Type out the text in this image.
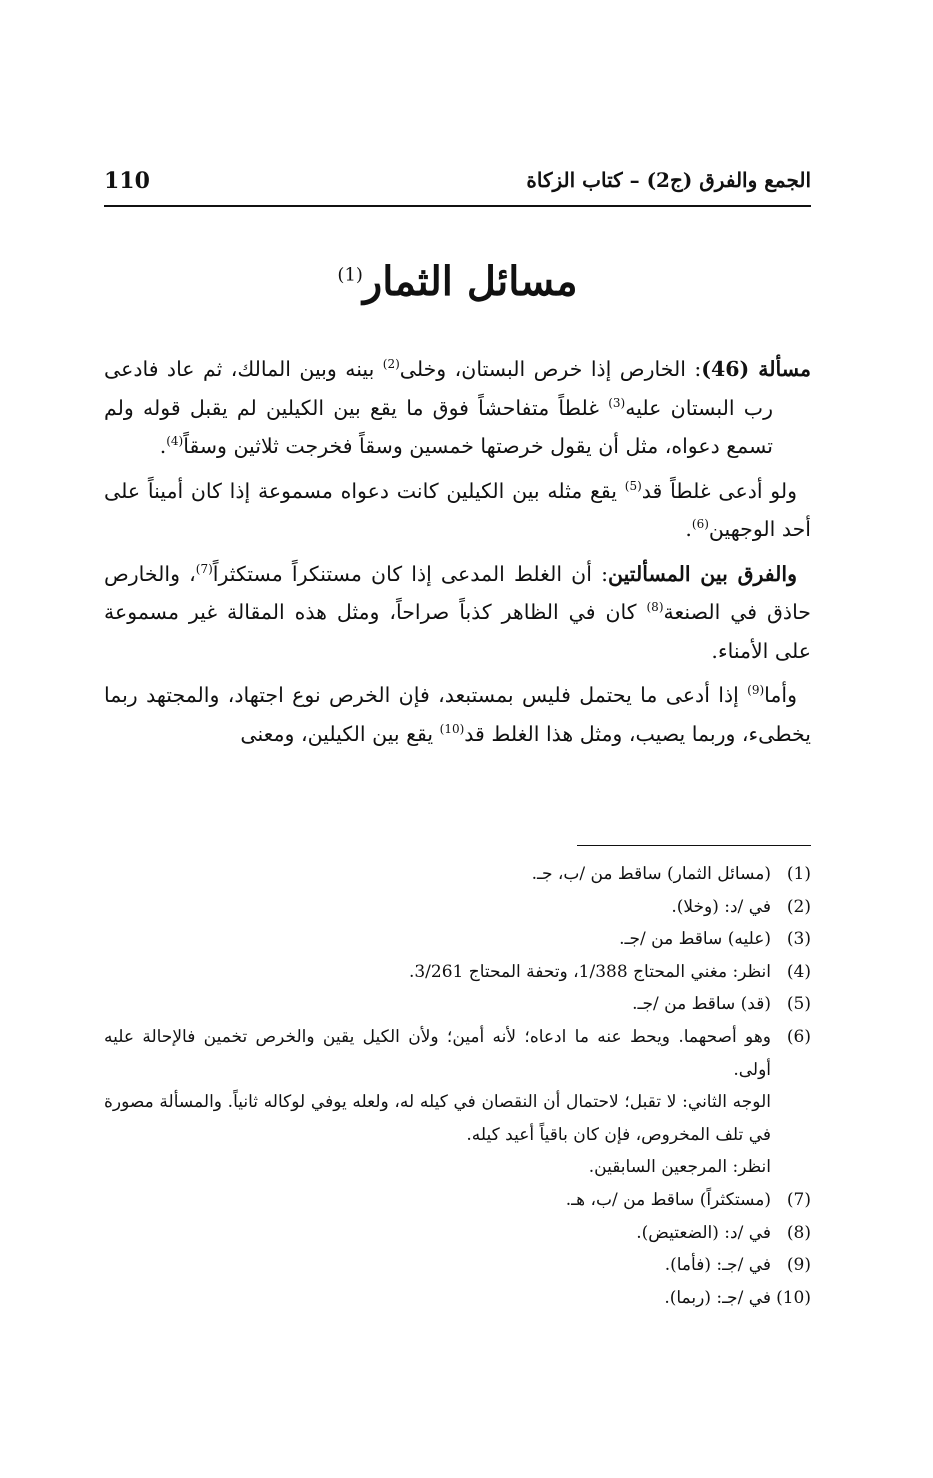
الجمع والفرق (ج2) – كتاب الزكاة
110
مسائل الثمار$^{(1)}$

مسألة (46): الخارص إذا خرص البستان، وخلى$^{(2)}$ بينه وبين المالك، ثم عاد فادعى رب البستان عليه$^{(3)}$ غلطاً متفاحشاً فوق ما يقع بين الكيلين لم يقبل قوله ولم تسمع دعواه، مثل أن يقول خرصتها خمسين وسقاً فخرجت ثلاثين وسقاً$^{(4)}$.

ولو أدعى غلطاً قد$^{(5)}$ يقع مثله بين الكيلين كانت دعواه مسموعة إذا كان أميناً على أحد الوجهين$^{(6)}$.

والفرق بين المسألتين: أن الغلط المدعى إذا كان مستنكراً مستكثراً$^{(7)}$، والخارص حاذق في الصنعة$^{(8)}$ كان في الظاهر كذباً صراحاً، ومثل هذه المقالة غير مسموعة على الأمناء.

وأما$^{(9)}$ إذا أدعى ما يحتمل فليس بمستبعد، فإن الخرص نوع اجتهاد، والمجتهد ربما يخطىء، وربما يصيب، ومثل هذا الغلط قد$^{(10)}$ يقع بين الكيلين، ومعنى

(1)
(مسائل الثمار) ساقط من /ب، جـ.
(2)
في /د: (وخلا).
(3)
(عليه) ساقط من /جـ.
(4)
انظر: مغني المحتاج 1/388، وتحفة المحتاج 3/261.
(5)
(قد) ساقط من /جـ.
(6)
وهو أصحهما. ويحط عنه ما ادعاه؛ لأنه أمين؛ ولأن الكيل يقين والخرص تخمين فالإحالة عليه أولى.
الوجه الثاني: لا تقبل؛ لاحتمال أن النقصان في كيله له، ولعله يوفي لوكاله ثانياً. والمسألة مصورة في تلف المخروص، فإن كان باقياً أعيد كيله.
انظر: المرجعين السابقين.
(7)
(مستكثراً) ساقط من /ب، هـ.
(8)
في /د: (الضعتيض).
(9)
في /جـ: (فأما).
(10)
في /جـ: (ربما).
